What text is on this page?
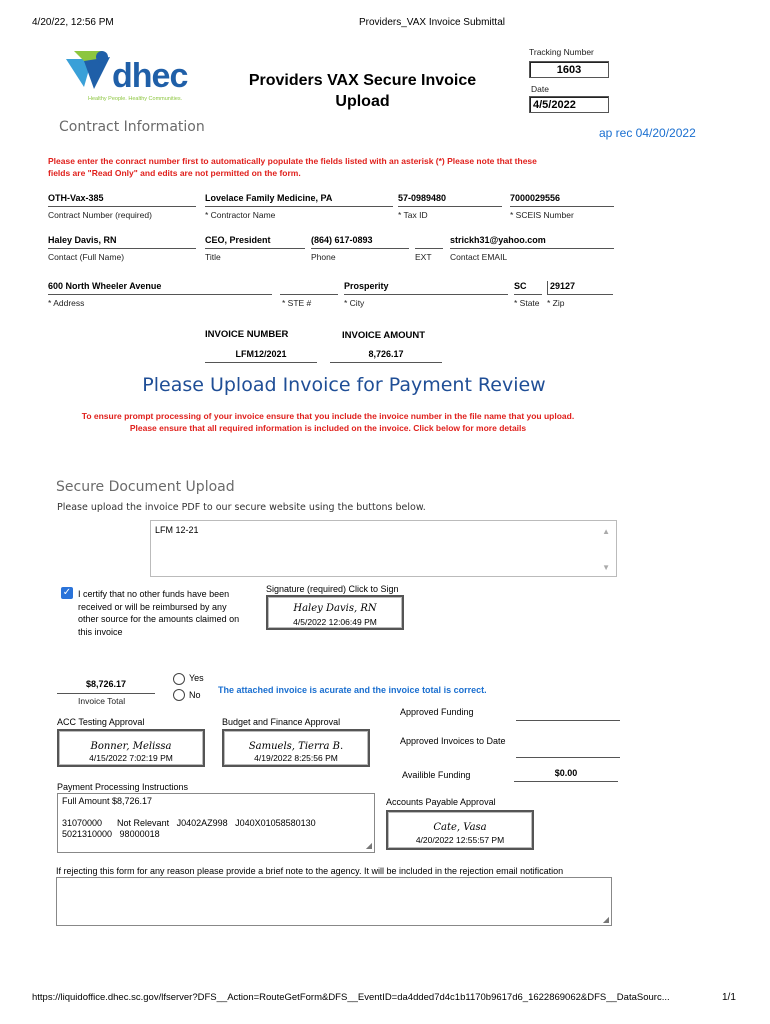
4/20/22, 12:56 PM	Providers_VAX Invoice Submittal
dhec
Healthy People. Healthy Communities.
Providers VAX Secure Invoice
Upload
Tracking Number
1603
Date
4/5/2022
Contract Information	ap rec 04/20/2022
Please enter the conract number first to automatically populate the fields listed with an asterisk (*) Please note that these
fields are "Read Only" and edits are not permitted on the form.
OTH-Vax-385
Contract Number (required)
Lovelace Family Medicine, PA
* Contractor Name
57-0989480
* Tax ID
7000029556
* SCEIS Number
Haley Davis, RN
Contact (Full Name)
CEO, President
Title
(864) 617-0893
Phone	EXT
strickh31@yahoo.com
Contact EMAIL
600 North Wheeler Avenue
* Address	* STE #
Prosperity
* City
SC
* State
29127
* Zip
INVOICE NUMBER	INVOICE AMOUNT
LFM12/2021	8,726.17
Please Upload Invoice for Payment Review
To ensure prompt processing of your invoice ensure that you include the invoice number in the file name that you upload.
Please ensure that all required information is included on the invoice. Click below for more details
Secure Document Upload
Please upload the invoice PDF to our secure website using the buttons below.
LFM 12-21	▲
▼
✓ I certify that no other funds have been
received or will be reimbursed by any
other source for the amounts claimed on
this invoice
Signature (required) Click to Sign
Haley Davis, RN
4/5/2022 12:06:49 PM
$8,726.17
Invoice Total
Yes
No The attached invoice is acurate and the invoice total is correct.
ACC Testing Approval
Bonner, Melissa
4/15/2022 7:02:19 PM
Budget and Finance Approval
Samuels, Tierra B.
4/19/2022 8:25:56 PM
Approved Funding
Approved Invoices to Date
Availible Funding	$0.00
Accounts Payable Approval
Cate, Vasa
4/20/2022 12:55:57 PM
Payment Processing Instructions
Full Amount $8,726.17
31070000      Not Relevant   J0402AZ998   J040X01058580130
5021310000   98000018
◢
If rejecting this form for any reason please provide a brief note to the agency. It will be included in the rejection email notification
◢
https://liquidoffice.dhec.sc.gov/lfserver?DFS__Action=RouteGetForm&DFS__EventID=da4dded7d4c1b1170b9617d6_1622869062&DFS__DataSourc...	1/1
